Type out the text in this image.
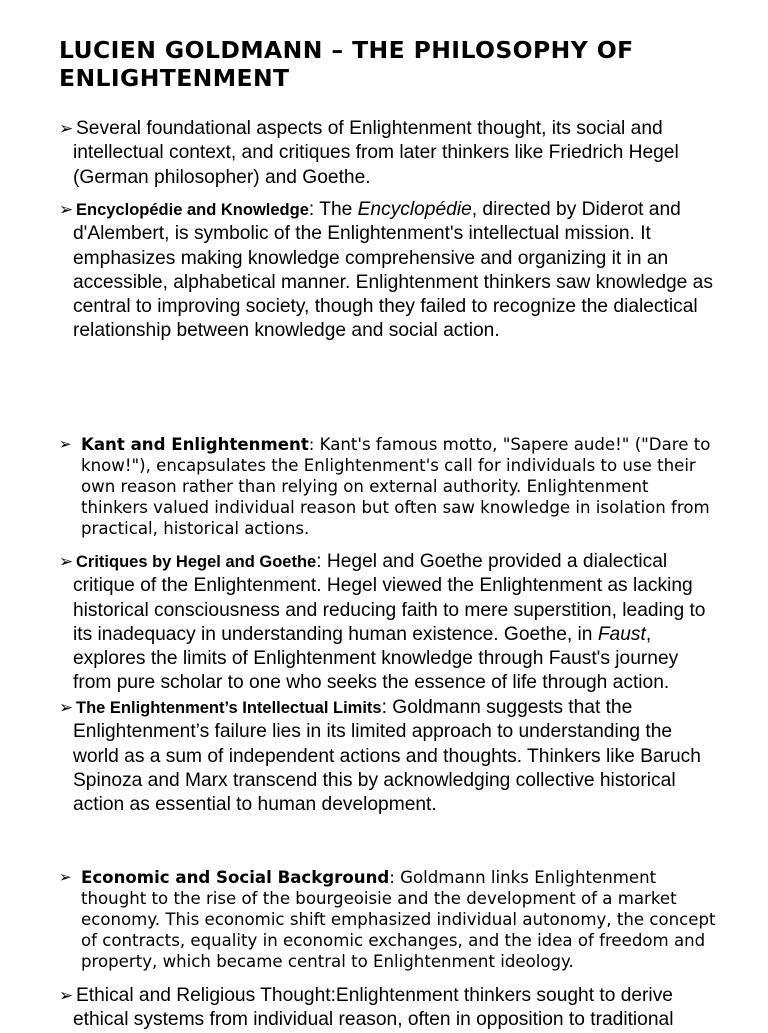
LUCIEN GOLDMANN – THE PHILOSOPHY OF ENLIGHTENMENT
➢ Several foundational aspects of Enlightenment thought, its social and intellectual context, and critiques from later thinkers like Friedrich Hegel (German philosopher) and Goethe.
➢ Encyclopédie and Knowledge: The Encyclopédie, directed by Diderot and d'Alembert, is symbolic of the Enlightenment's intellectual mission. It emphasizes making knowledge comprehensive and organizing it in an accessible, alphabetical manner. Enlightenment thinkers saw knowledge as central to improving society, though they failed to recognize the dialectical relationship between knowledge and social action.
➢ Kant and Enlightenment: Kant's famous motto, "Sapere aude!" ("Dare to know!"), encapsulates the Enlightenment's call for individuals to use their own reason rather than relying on external authority. Enlightenment thinkers valued individual reason but often saw knowledge in isolation from practical, historical actions.
➢ Critiques by Hegel and Goethe: Hegel and Goethe provided a dialectical critique of the Enlightenment. Hegel viewed the Enlightenment as lacking historical consciousness and reducing faith to mere superstition, leading to its inadequacy in understanding human existence. Goethe, in Faust, explores the limits of Enlightenment knowledge through Faust's journey from pure scholar to one who seeks the essence of life through action.
➢ The Enlightenment’s Intellectual Limits: Goldmann suggests that the Enlightenment’s failure lies in its limited approach to understanding the world as a sum of independent actions and thoughts. Thinkers like Baruch Spinoza and Marx transcend this by acknowledging collective historical action as essential to human development.
➢ Economic and Social Background: Goldmann links Enlightenment thought to the rise of the bourgeoisie and the development of a market economy. This economic shift emphasized individual autonomy, the concept of contracts, equality in economic exchanges, and the idea of freedom and property, which became central to Enlightenment ideology.
➢ Ethical and Religious Thought:Enlightenment thinkers sought to derive ethical systems from individual reason, often in opposition to traditional
